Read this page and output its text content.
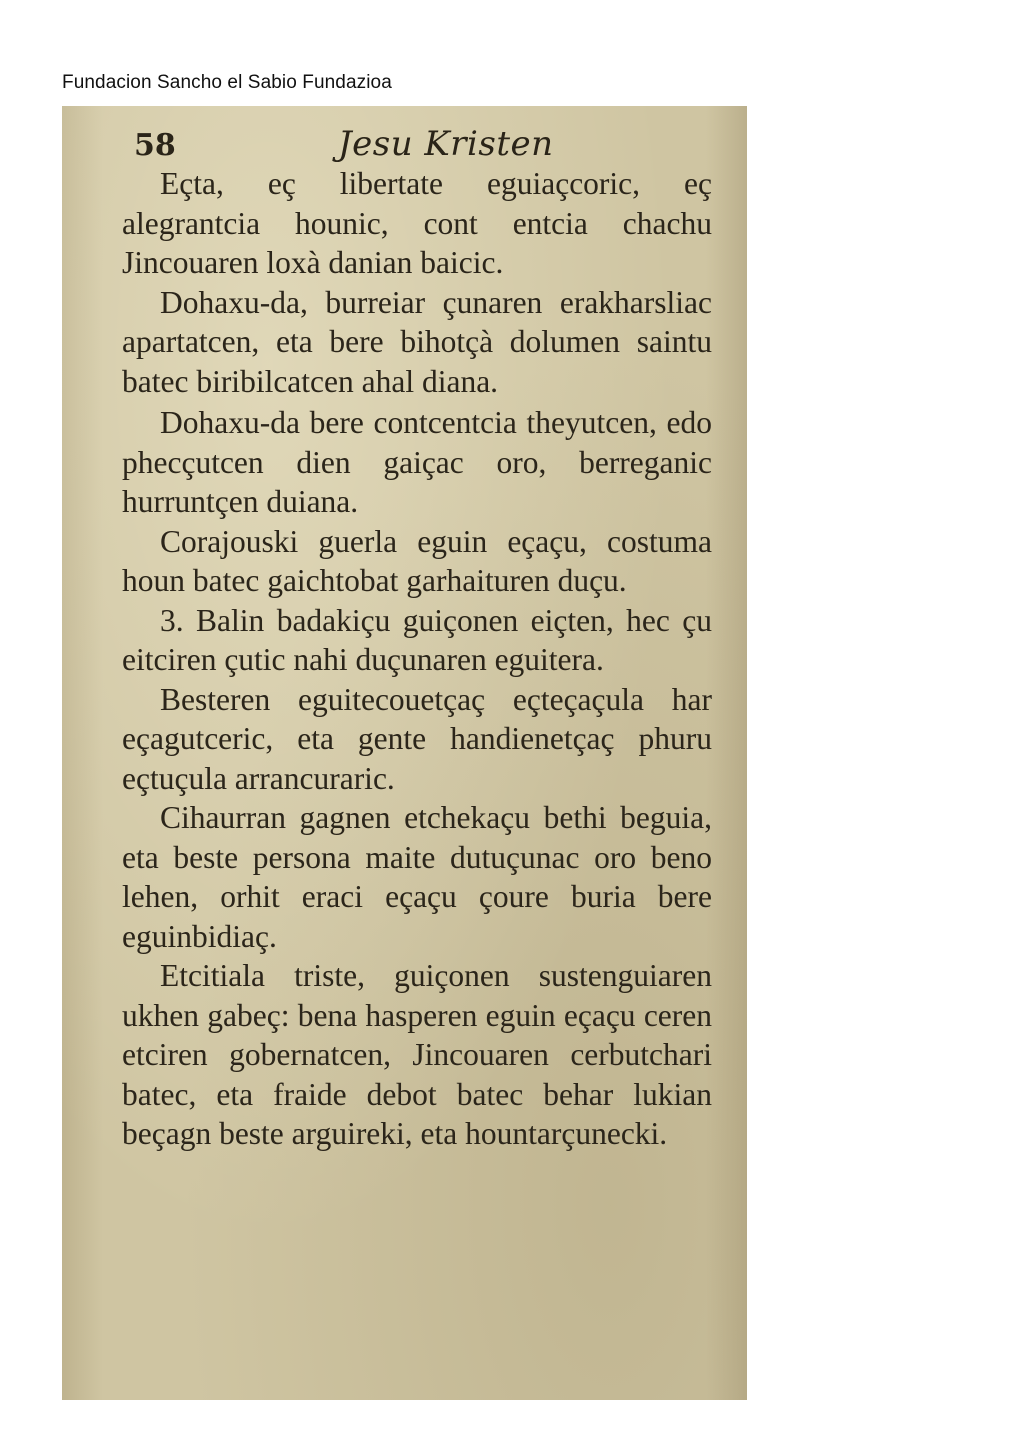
Fundacion Sancho el Sabio Fundazioa
58	Jesu Kristen

Eçta, eç libertate eguiaçcoric, eç alegrantcia hounic, cont entcia chachu Jincouaren loxà danian baicic.

Dohaxu-da, burreiar çunaren erakharsliac apartatcen, eta bere bihotçà dolumen saintu batec biribilcatcen ahal diana.

Dohaxu-da bere contcentcia theyutcen, edo phecçutcen dien gaiçac oro, berreganic hurruntçen duiana.

Corajouski guerla eguin eçaçu, costuma houn batec gaichtobat garhaituren duçu.

3. Balin badakiçu guiçonen eiçten, hec çu eitciren çutic nahi duçunaren eguitera.

Besteren eguitecouetçaç eçteçaçula har eçagutceric, eta gente handienetçaç phuru eçtuçula arrancuraric.

Cihaurran gagnen etchekaçu bethi beguia, eta beste persona maite dutuçunac oro beno lehen, orhit eraci eçaçu çoure buria bere eguinbidiaç.

Etcitiala triste, guiçonen sustenguiaren ukhen gabeç: bena hasperen eguin eçaçu ceren etciren gobernatcen, Jincouaren cerbutchari batec, eta fraide debot batec behar lukian beçagn beste arguireki, eta hountarçunecki.
